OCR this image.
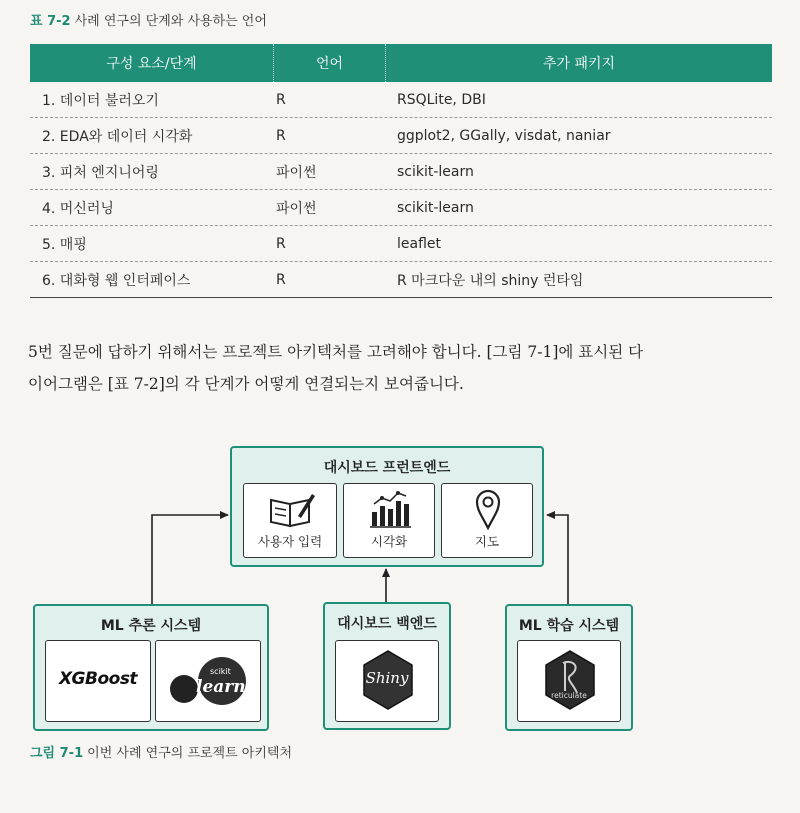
표 7-2 사례 연구의 단계와 사용하는 언어
구성 요소/단계	언어	추가 패키지
1. 데이터 불러오기	R	RSQLite, DBI
2. EDA와 데이터 시각화	R	ggplot2, GGally, visdat, naniar
3. 피처 엔지니어링	파이썬	scikit-learn
4. 머신러닝	파이썬	scikit-learn
5. 매핑	R	leaflet
6. 대화형 웹 인터페이스	R	R 마크다운 내의 shiny 런타임
5번 질문에 답하기 위해서는 프로젝트 아키텍처를 고려해야 합니다. [그림 7-1]에 표시된 다
이어그램은 [표 7-2]의 각 단계가 어떻게 연결되는지 보여줍니다.
대시보드 프런트엔드
사용자 입력	시각화	지도
ML 추론 시스템
XGBoost	scikit
learn
대시보드 백엔드
Shiny
ML 학습 시스템
reticulate
그림 7-1 이번 사례 연구의 프로젝트 아키텍처
